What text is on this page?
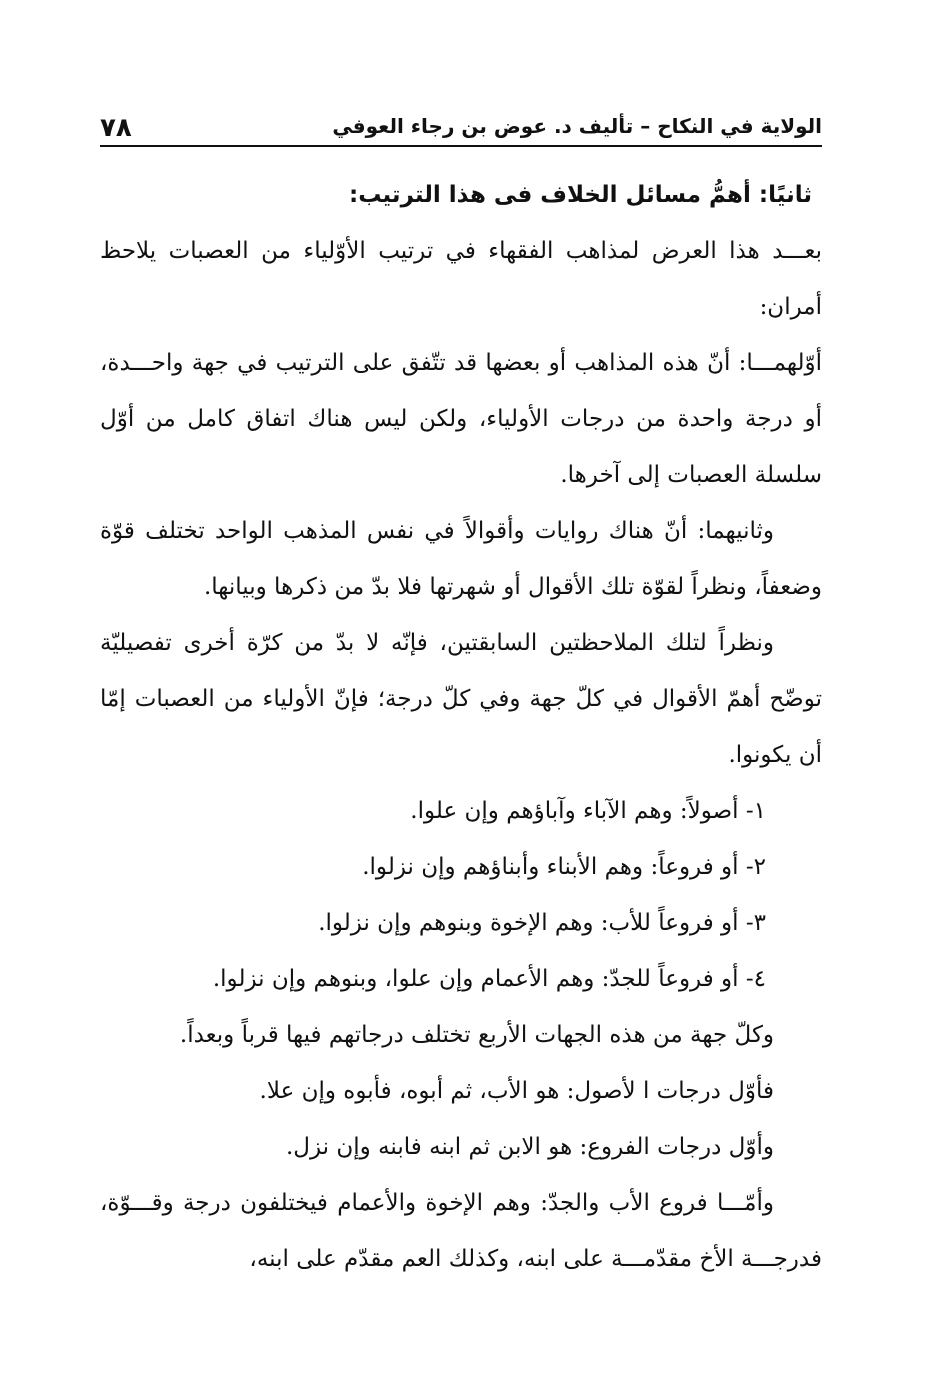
الولاية في النكاح – تأليف د. عوض بن رجاء العوفي
٧٨

ثانيًا: أهمُّ مسائل الخلاف فى هذا الترتيب:

بعـــد هذا العرض لمذاهب الفقهاء في ترتيب الأوّلياء من العصبات يلاحظ أمران:

أوّلهمـــا: أنّ هذه المذاهب أو بعضها قد تتّفق على الترتيب في جهة واحـــدة، أو درجة واحدة من درجات الأولياء، ولكن ليس هناك اتفاق كامل من أوّل سلسلة العصبات إلى آخرها.

وثانيهما: أنّ هناك روايات وأقوالاً في نفس المذهب الواحد تختلف قوّة وضعفاً، ونظراً لقوّة تلك الأقوال أو شهرتها فلا بدّ من ذكرها وبيانها.

ونظراً لتلك الملاحظتين السابقتين، فإنّه لا بدّ من كرّة أخرى تفصيليّة توضّح أهمّ الأقوال في كلّ جهة وفي كلّ درجة؛ فإنّ الأولياء من العصبات إمّا أن يكونوا.

١- أصولاً: وهم الآباء وآباؤهم وإن علوا.

٢- أو فروعاً: وهم الأبناء وأبناؤهم وإن نزلوا.

٣- أو فروعاً للأب: وهم الإخوة وبنوهم وإن نزلوا.

٤- أو فروعاً للجدّ: وهم الأعمام وإن علوا، وبنوهم وإن نزلوا.

وكلّ جهة من هذه الجهات الأربع تختلف درجاتهم فيها قرباً وبعداً.

فأوّل درجات ا لأصول: هو الأب، ثم أبوه، فأبوه وإن علا.

وأوّل درجات الفروع: هو الابن ثم ابنه فابنه وإن نزل.

وأمّـــا فروع الأب والجدّ: وهم الإخوة والأعمام فيختلفون درجة وقـــوّة، فدرجـــة الأخ مقدّمـــة على ابنه، وكذلك العم مقدّم على ابنه،
